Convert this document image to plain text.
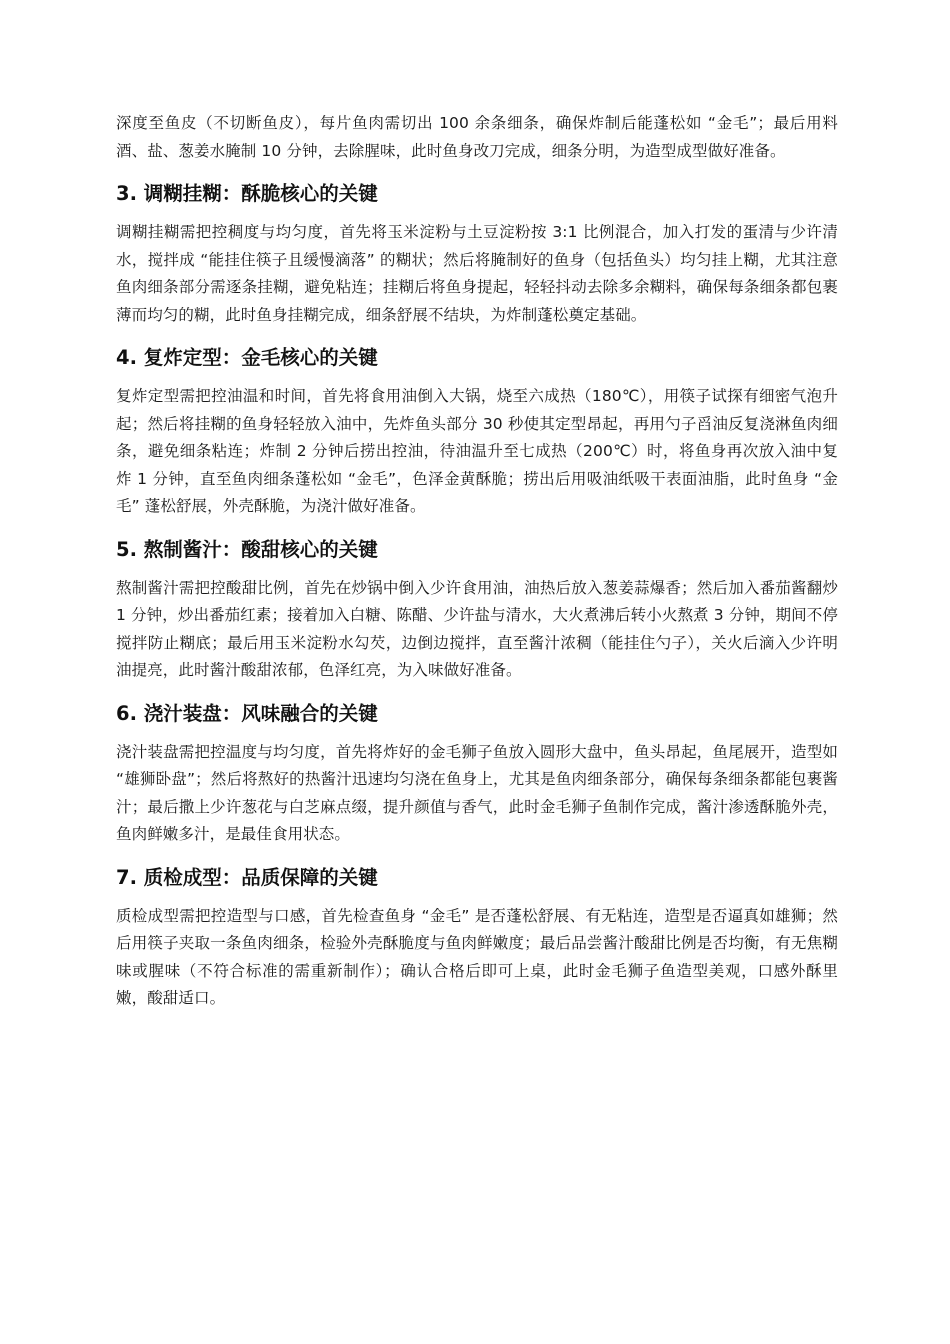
深度至鱼皮（不切断鱼皮），每片鱼肉需切出 100 余条细条，确保炸制后能蓬松如 “金毛”；最后用料酒、盐、葱姜水腌制 10 分钟，去除腥味，此时鱼身改刀完成，细条分明，为造型成型做好准备。

3. 调糊挂糊：酥脆核心的关键

调糊挂糊需把控稠度与均匀度，首先将玉米淀粉与土豆淀粉按 3:1 比例混合，加入打发的蛋清与少许清水，搅拌成 “能挂住筷子且缓慢滴落” 的糊状；然后将腌制好的鱼身（包括鱼头）均匀挂上糊，尤其注意鱼肉细条部分需逐条挂糊，避免粘连；挂糊后将鱼身提起，轻轻抖动去除多余糊料，确保每条细条都包裹薄而均匀的糊，此时鱼身挂糊完成，细条舒展不结块，为炸制蓬松奠定基础。

4. 复炸定型：金毛核心的关键

复炸定型需把控油温和时间，首先将食用油倒入大锅，烧至六成热（180℃），用筷子试探有细密气泡升起；然后将挂糊的鱼身轻轻放入油中，先炸鱼头部分 30 秒使其定型昂起，再用勺子舀油反复浇淋鱼肉细条，避免细条粘连；炸制 2 分钟后捞出控油，待油温升至七成热（200℃）时，将鱼身再次放入油中复炸 1 分钟，直至鱼肉细条蓬松如 “金毛”，色泽金黄酥脆；捞出后用吸油纸吸干表面油脂，此时鱼身 “金毛” 蓬松舒展，外壳酥脆，为浇汁做好准备。

5. 熬制酱汁：酸甜核心的关键

熬制酱汁需把控酸甜比例，首先在炒锅中倒入少许食用油，油热后放入葱姜蒜爆香；然后加入番茄酱翻炒 1 分钟，炒出番茄红素；接着加入白糖、陈醋、少许盐与清水，大火煮沸后转小火熬煮 3 分钟，期间不停搅拌防止糊底；最后用玉米淀粉水勾芡，边倒边搅拌，直至酱汁浓稠（能挂住勺子），关火后滴入少许明油提亮，此时酱汁酸甜浓郁，色泽红亮，为入味做好准备。

6. 浇汁装盘：风味融合的关键

浇汁装盘需把控温度与均匀度，首先将炸好的金毛狮子鱼放入圆形大盘中，鱼头昂起，鱼尾展开，造型如 “雄狮卧盘”；然后将熬好的热酱汁迅速均匀浇在鱼身上，尤其是鱼肉细条部分，确保每条细条都能包裹酱汁；最后撒上少许葱花与白芝麻点缀，提升颜值与香气，此时金毛狮子鱼制作完成，酱汁渗透酥脆外壳，鱼肉鲜嫩多汁，是最佳食用状态。

7. 质检成型：品质保障的关键

质检成型需把控造型与口感，首先检查鱼身 “金毛” 是否蓬松舒展、有无粘连，造型是否逼真如雄狮；然后用筷子夹取一条鱼肉细条，检验外壳酥脆度与鱼肉鲜嫩度；最后品尝酱汁酸甜比例是否均衡，有无焦糊味或腥味（不符合标准的需重新制作）；确认合格后即可上桌，此时金毛狮子鱼造型美观，口感外酥里嫩，酸甜适口。
